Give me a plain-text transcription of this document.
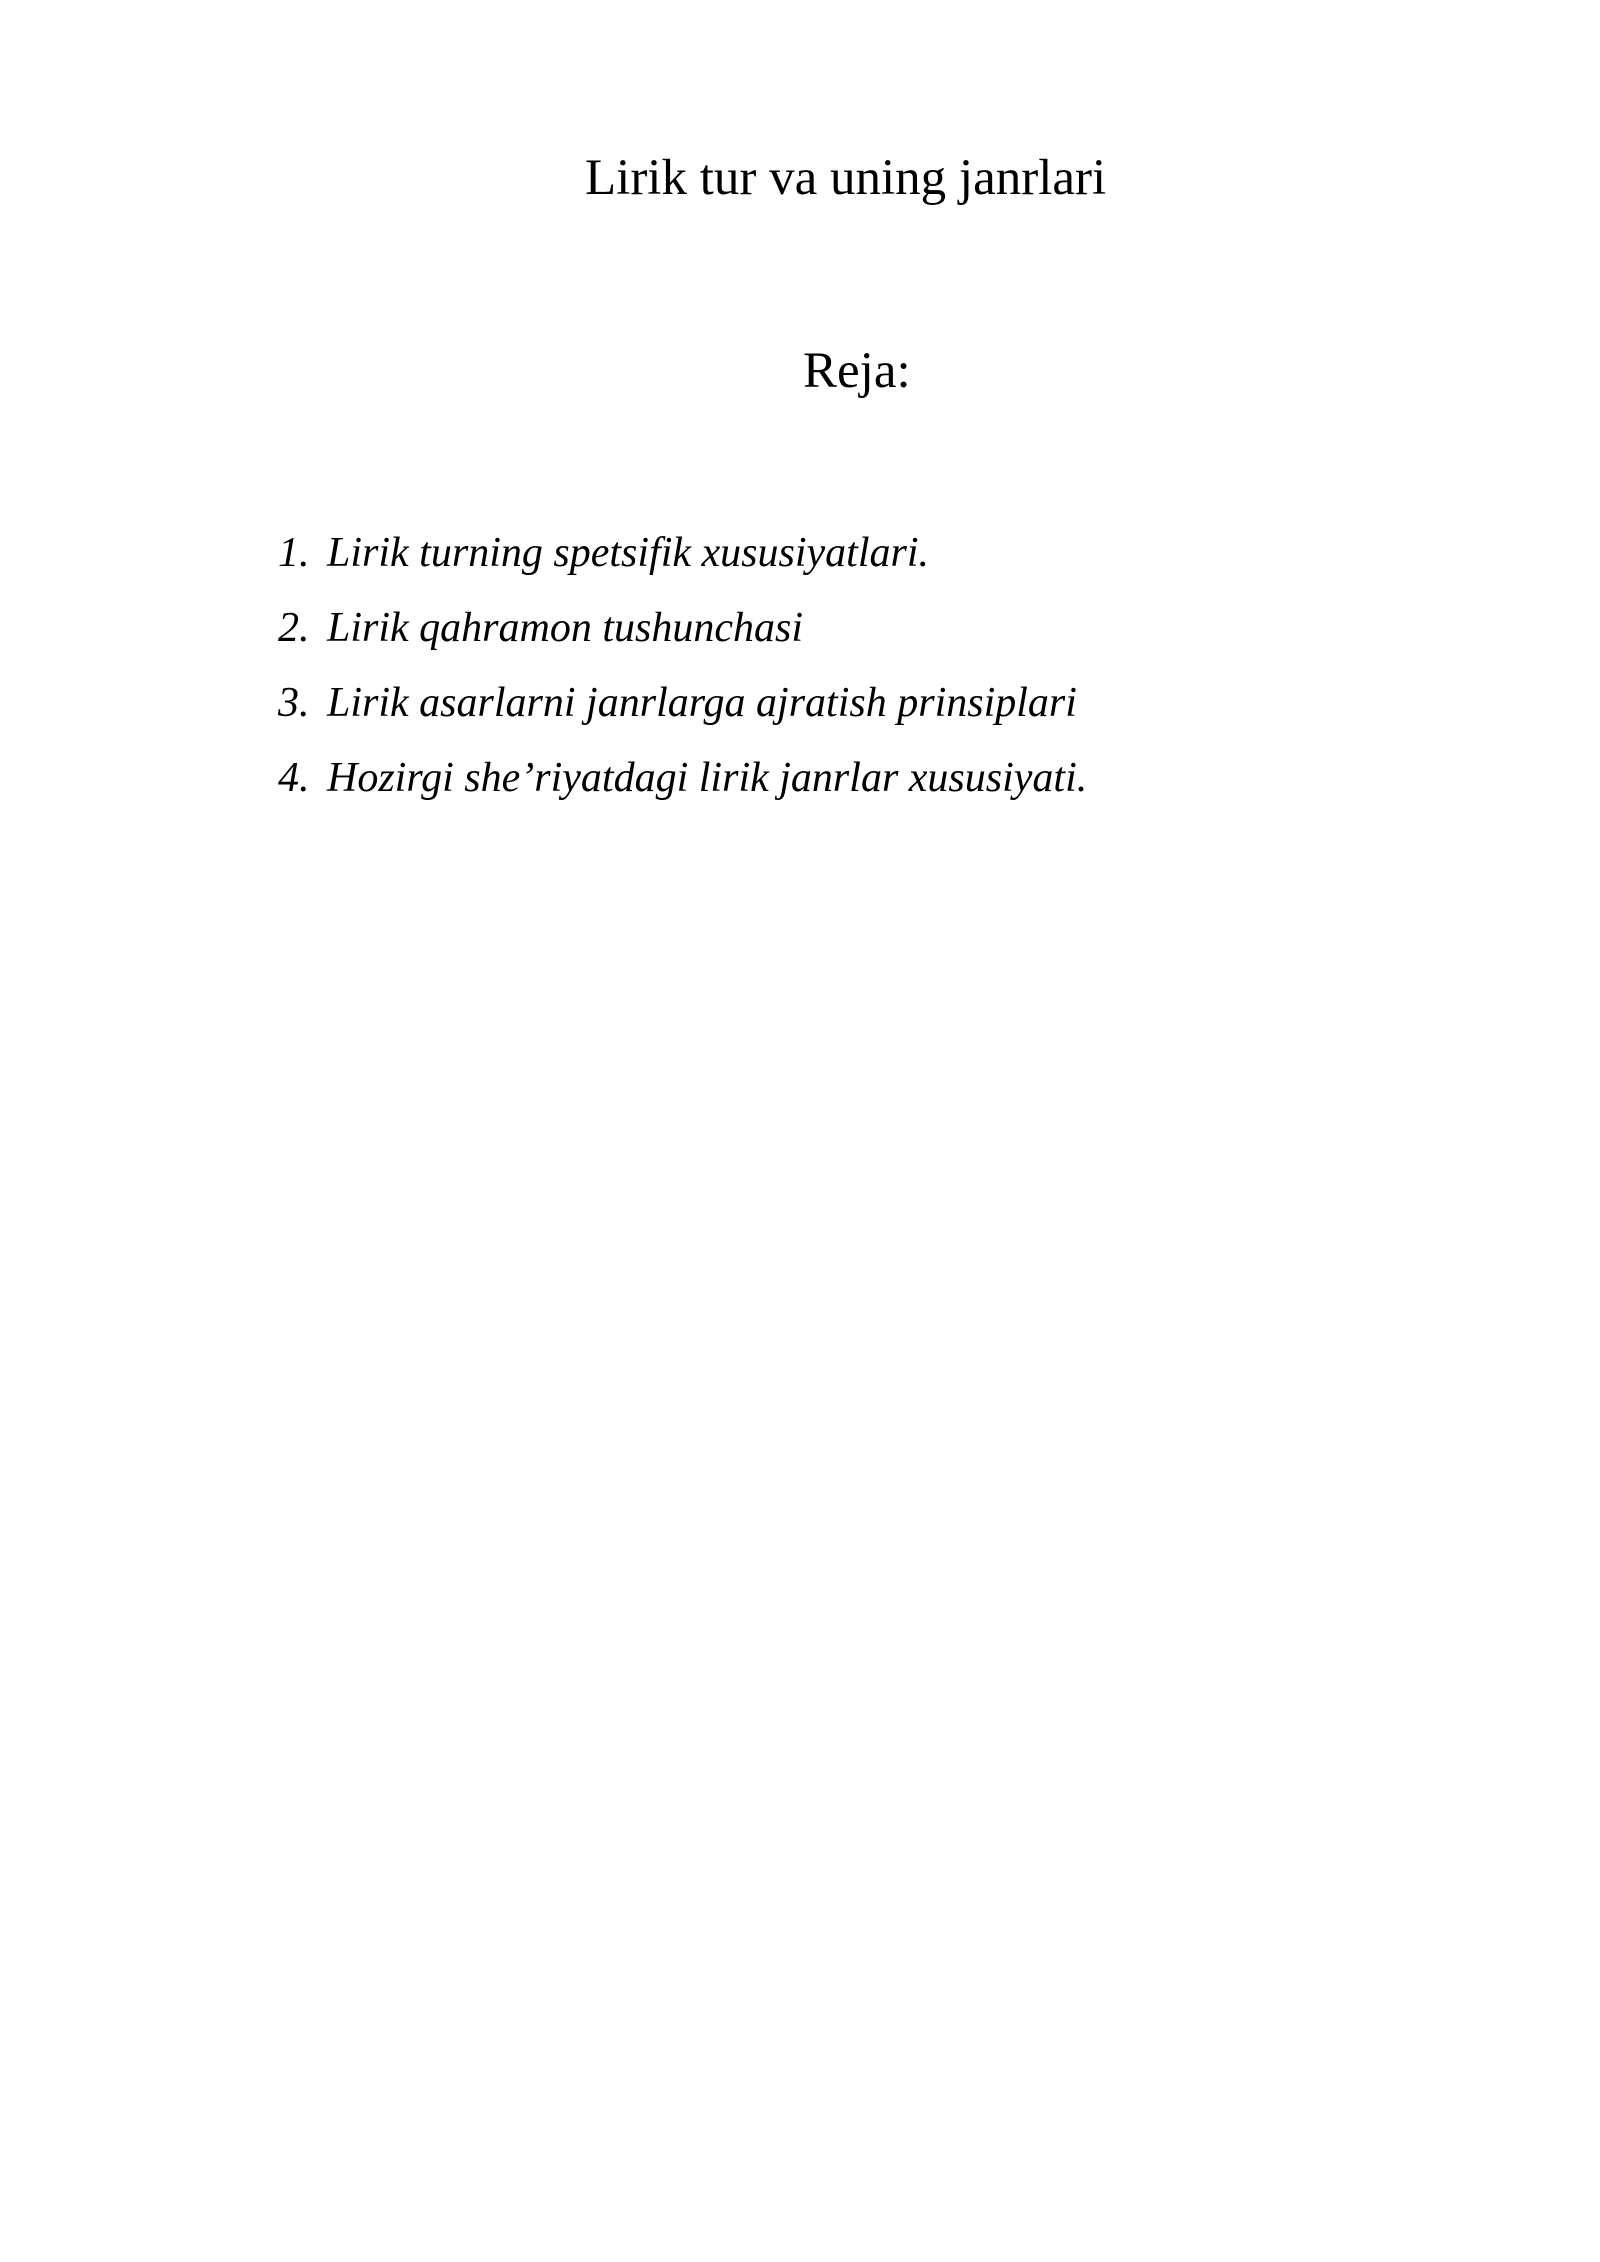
Lirik tur va uning janrlari
Reja:
1. Lirik turning spetsifik xususiyatlari.
2. Lirik qahramon tushunchasi
3. Lirik asarlarni janrlarga ajratish prinsiplari
4. Hozirgi she’riyatdagi lirik janrlar xususiyati.
